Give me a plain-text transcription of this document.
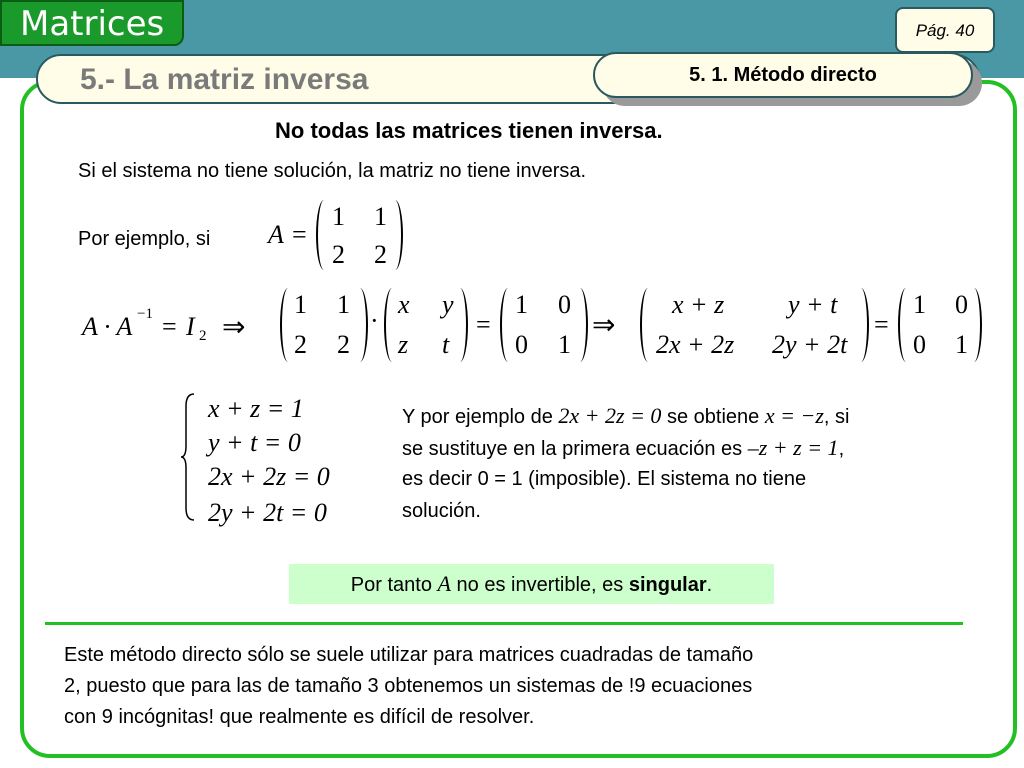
Matrices	Pág. 40
5.- La matriz inversa	5. 1. Método directo
No todas las matrices tienen inversa.
Si el sistema no tiene solución, la matriz no tiene inversa.
Por ejemplo, si A =
1 1
2 2
A · A −1 = I 2 ⇒
1 1
2 2
·
x y
z t
=
1 0
0 1
⇒
x + z y + t
2x + 2z 2y + 2t
=
1 0
0 1
x + z = 1
y + t = 0
2x + 2z = 0
2y + 2t = 0
Y por ejemplo de 2x + 2z = 0 se obtiene x = −z, si
se sustituye en la primera ecuación es –z + z = 1,
es decir 0 = 1 (imposible). El sistema no tiene
solución.
Por tanto A no es invertible, es singular.
Este método directo sólo se suele utilizar para matrices cuadradas de tamaño
2, puesto que para las de tamaño 3 obtenemos un sistemas de !9 ecuaciones
con 9 incógnitas! que realmente es difícil de resolver.
